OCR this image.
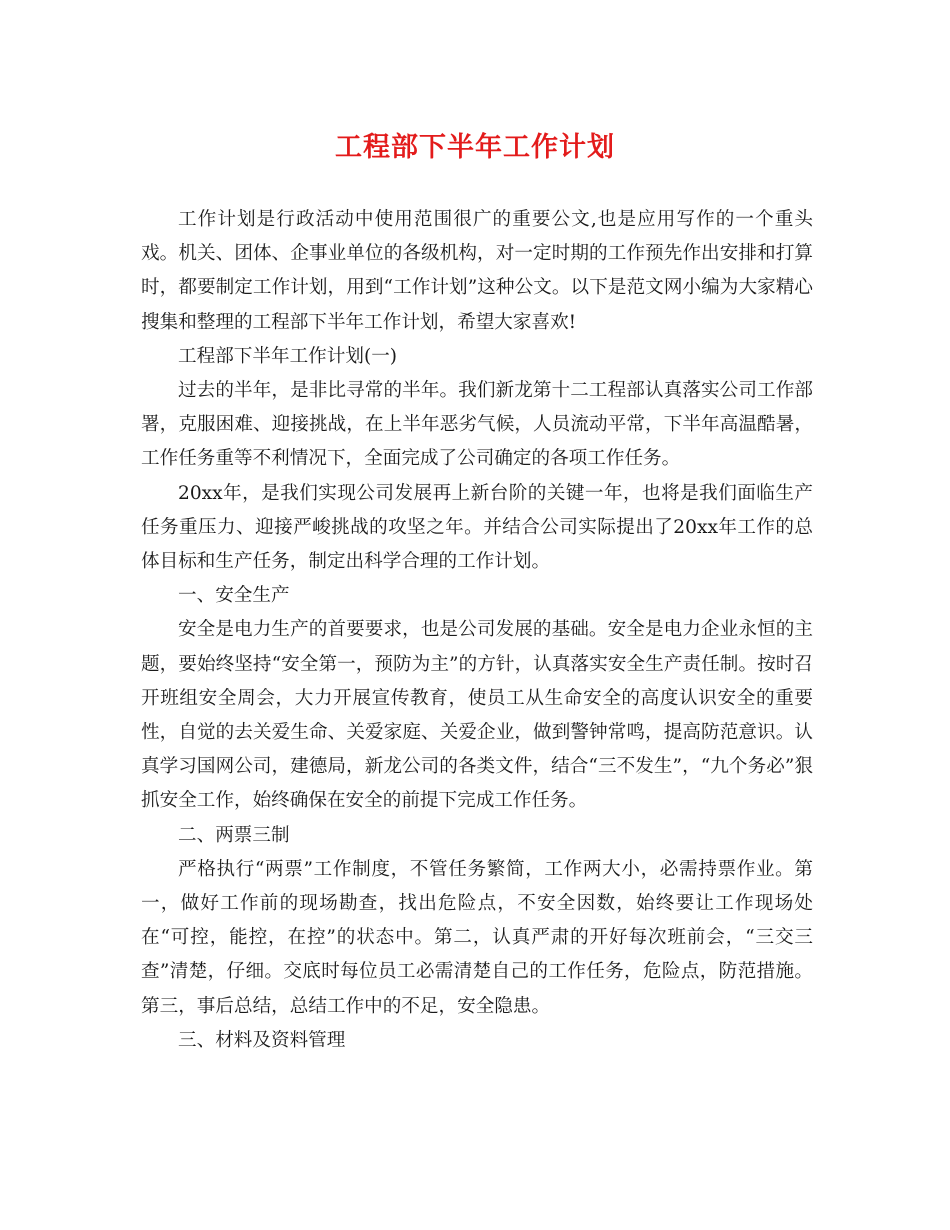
工程部下半年工作计划

工作计划是行政活动中使用范围很广的重要公文,也是应用写作的一个重头戏。机关、团体、企事业单位的各级机构，对一定时期的工作预先作出安排和打算时，都要制定工作计划，用到“工作计划”这种公文。以下是范文网小编为大家精心搜集和整理的工程部下半年工作计划，希望大家喜欢!

工程部下半年工作计划(一)

过去的半年，是非比寻常的半年。我们新龙第十二工程部认真落实公司工作部署，克服困难、迎接挑战，在上半年恶劣气候，人员流动平常，下半年高温酷暑，工作任务重等不利情况下，全面完成了公司确定的各项工作任务。

20xx年，是我们实现公司发展再上新台阶的关键一年，也将是我们面临生产任务重压力、迎接严峻挑战的攻坚之年。并结合公司实际提出了20xx年工作的总体目标和生产任务，制定出科学合理的工作计划。

一、安全生产

安全是电力生产的首要要求，也是公司发展的基础。安全是电力企业永恒的主题，要始终坚持“安全第一，预防为主”的方针，认真落实安全生产责任制。按时召开班组安全周会，大力开展宣传教育，使员工从生命安全的高度认识安全的重要性，自觉的去关爱生命、关爱家庭、关爱企业，做到警钟常鸣，提高防范意识。认真学习国网公司，建德局，新龙公司的各类文件，结合“三不发生”，“九个务必”狠抓安全工作，始终确保在安全的前提下完成工作任务。

二、两票三制

严格执行“两票”工作制度，不管任务繁简，工作两大小，必需持票作业。第一，做好工作前的现场勘查，找出危险点，不安全因数，始终要让工作现场处在“可控，能控，在控”的状态中。第二，认真严肃的开好每次班前会，“三交三查”清楚，仔细。交底时每位员工必需清楚自己的工作任务，危险点，防范措施。第三，事后总结，总结工作中的不足，安全隐患。

三、材料及资料管理
